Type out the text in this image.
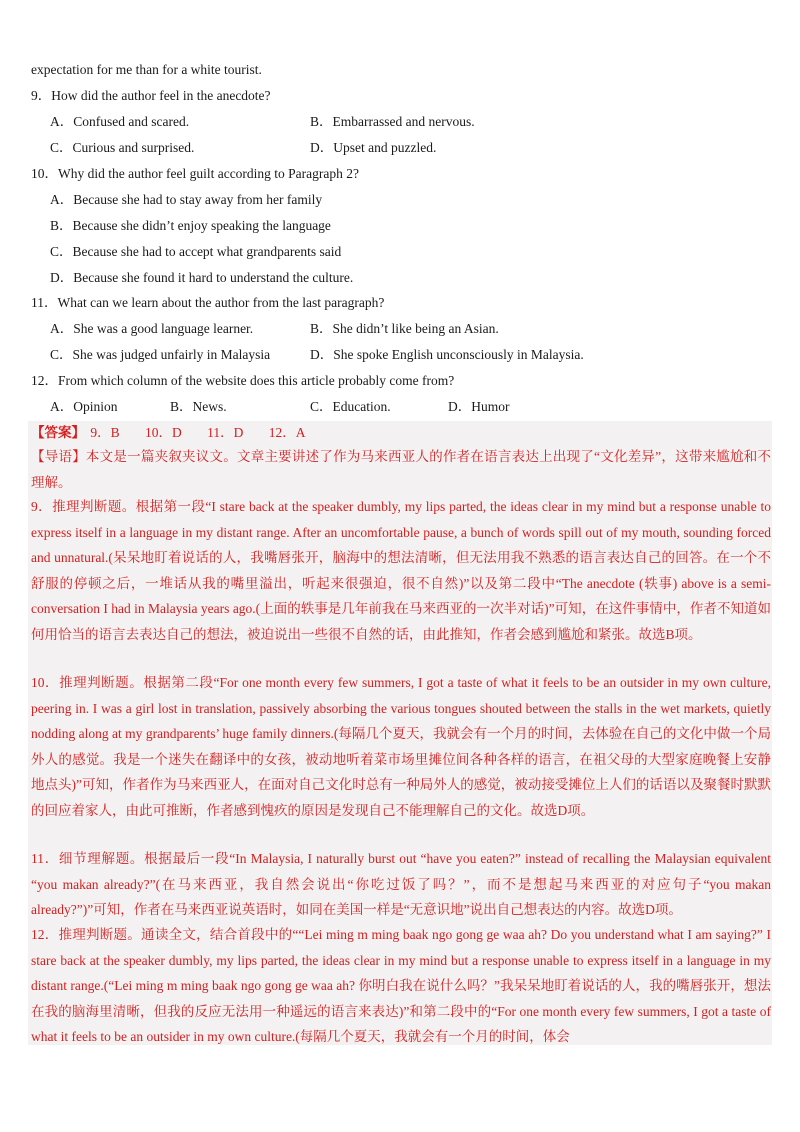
expectation for me than for a white tourist.
9．How did the author feel in the anecdote?
A．Confused and scared.	B．Embarrassed and nervous.
C．Curious and surprised.	D．Upset and puzzled.
10．Why did the author feel guilt according to Paragraph 2?
A．Because she had to stay away from her family
B．Because she didn’t enjoy speaking the language
C．Because she had to accept what grandparents said
D．Because she found it hard to understand the culture.
11．What can we learn about the author from the last paragraph?
A．She was a good language learner.	B．She didn’t like being an Asian.
C．She was judged unfairly in Malaysia	D．She spoke English unconsciously in Malaysia.
12．From which column of the website does this article probably come from?
A．Opinion	B．News.	C．Education.	D．Humor
【答案】 9．B 10．D 11．D 12．A
【导语】本文是一篇夹叙夹议文。文章主要讲述了作为马来西亚人的作者在语言表达上出现了“文化差异”，这带来尴尬和不理解。
9．推理判断题。根据第一段“I stare back at the speaker dumbly, my lips parted, the ideas clear in my mind but a response unable to express itself in a language in my distant range. After an uncomfortable pause, a bunch of words spill out of my mouth, sounding forced and unnatural.(呆呆地盯着说话的人，我嘴唇张开，脑海中的想法清晰，但无法用我不熟悉的语言表达自己的回答。在一个不舒服的停顿之后，一堆话从我的嘴里溢出，听起来很强迫，很不自然)”以及第二段中“The anecdote (轶事) above is a semi-conversation I had in Malaysia years ago.(上面的轶事是几年前我在马来西亚的一次半对话)”可知，在这件事情中，作者不知道如何用恰当的语言去表达自己的想法，被迫说出一些很不自然的话，由此推知，作者会感到尴尬和紧张。故选B项。
10．推理判断题。根据第二段“For one month every few summers, I got a taste of what it feels to be an outsider in my own culture, peering in. I was a girl lost in translation, passively absorbing the various tongues shouted between the stalls in the wet markets, quietly nodding along at my grandparents’ huge family dinners.(每隔几个夏天，我就会有一个月的时间，去体验在自己的文化中做一个局外人的感觉。我是一个迷失在翻译中的女孩，被动地听着菜市场里摊位间各种各样的语言，在祖父母的大型家庭晚餐上安静地点头)”可知，作者作为马来西亚人，在面对自己文化时总有一种局外人的感觉，被动接受摊位上人们的话语以及聚餐时默默的回应着家人，由此可推断，作者感到愧疚的原因是发现自己不能理解自己的文化。故选D项。
11．细节理解题。根据最后一段“In Malaysia, I naturally burst out “have you eaten?” instead of recalling the Malaysian equivalent “you makan already?”(在马来西亚，我自然会说出“你吃过饭了吗？”，而不是想起马来西亚的对应句子“you makan already?”)”可知，作者在马来西亚说英语时，如同在美国一样是“无意识地”说出自己想表达的内容。故选D项。
12．推理判断题。通读全文，结合首段中的““Lei ming m ming baak ngo gong ge waa ah? Do you understand what I am saying?” I stare back at the speaker dumbly, my lips parted, the ideas clear in my mind but a response unable to express itself in a language in my distant range.(“Lei ming m ming baak ngo gong ge waa ah? 你明白我在说什么吗？”我呆呆地盯着说话的人，我的嘴唇张开，想法在我的脑海里清晰，但我的反应无法用一种遥远的语言来表达)”和第二段中的“For one month every few summers, I got a taste of what it feels to be an outsider in my own culture.(每隔几个夏天，我就会有一个月的时间，体会
